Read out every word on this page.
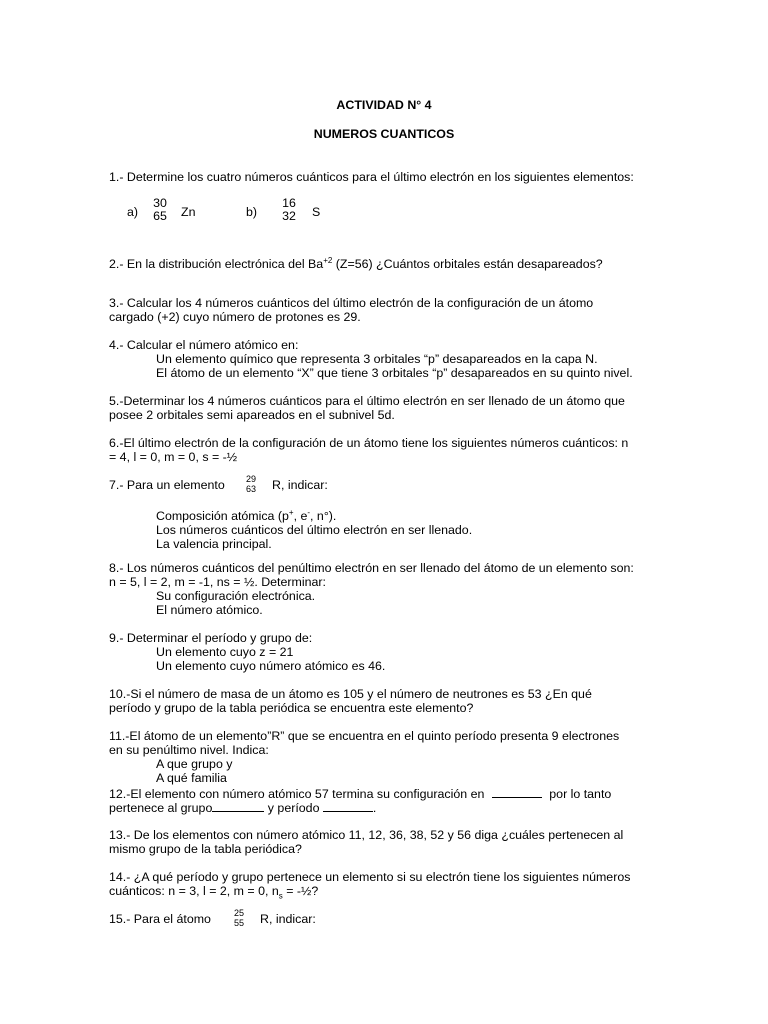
ACTIVIDAD N° 4
NUMEROS CUANTICOS
1.- Determine los cuatro números cuánticos para el último electrón en los siguientes elementos:
a)
30
65 Zn	b)
16
32 S
2.- En la distribución electrónica del $Ba^{+2}$ (Z=56) ¿Cuántos orbitales están desapareados?
3.- Calcular los 4 números cuánticos del último electrón de la configuración de un átomo
cargado (+2) cuyo número de protones es 29.
4.- Calcular el número atómico en:
Un elemento químico que representa 3 orbitales “p” desapareados en la capa N.
El átomo de un elemento “X” que tiene 3 orbitales “p” desapareados en su quinto nivel.
5.-Determinar los 4 números cuánticos para el último electrón en ser llenado de un átomo que
posee 2 orbitales semi apareados en el subnivel 5d.
6.-El último electrón de la configuración de un átomo tiene los siguientes números cuánticos: n
= 4, l = 0, m = 0, s = -½
7.- Para un elemento	29
63 R, indicar:
Composición atómica (p+, e-, n°).
Los números cuánticos del último electrón en ser llenado.
La valencia principal.
8.- Los números cuánticos del penúltimo electrón en ser llenado del átomo de un elemento son:
n = 5, l = 2, m = -1, ns = ½. Determinar:
Su configuración electrónica.
El número atómico.
9.- Determinar el período y grupo de:
Un elemento cuyo z = 21
Un elemento cuyo número atómico es 46.
10.-Si el número de masa de un átomo es 105 y el número de neutrones es 53 ¿En qué
período y grupo de la tabla periódica se encuentra este elemento?
11.-El átomo de un elemento”R” que se encuentra en el quinto período presenta 9 electrones
en su penúltimo nivel. Indica:
A que grupo y
A qué familia
12.-El elemento con número atómico 57 termina su configuración en	por lo tanto
pertenece al grupo	y período	.
13.- De los elementos con número atómico 11, 12, 36, 38, 52 y 56 diga ¿cuáles pertenecen al
mismo grupo de la tabla periódica?
14.- ¿A qué período y grupo pertenece un elemento si su electrón tiene los siguientes números
cuánticos: n = 3, l = 2, m = 0, $n_s$ = -½?
15.- Para el átomo	25
55 R, indicar:
